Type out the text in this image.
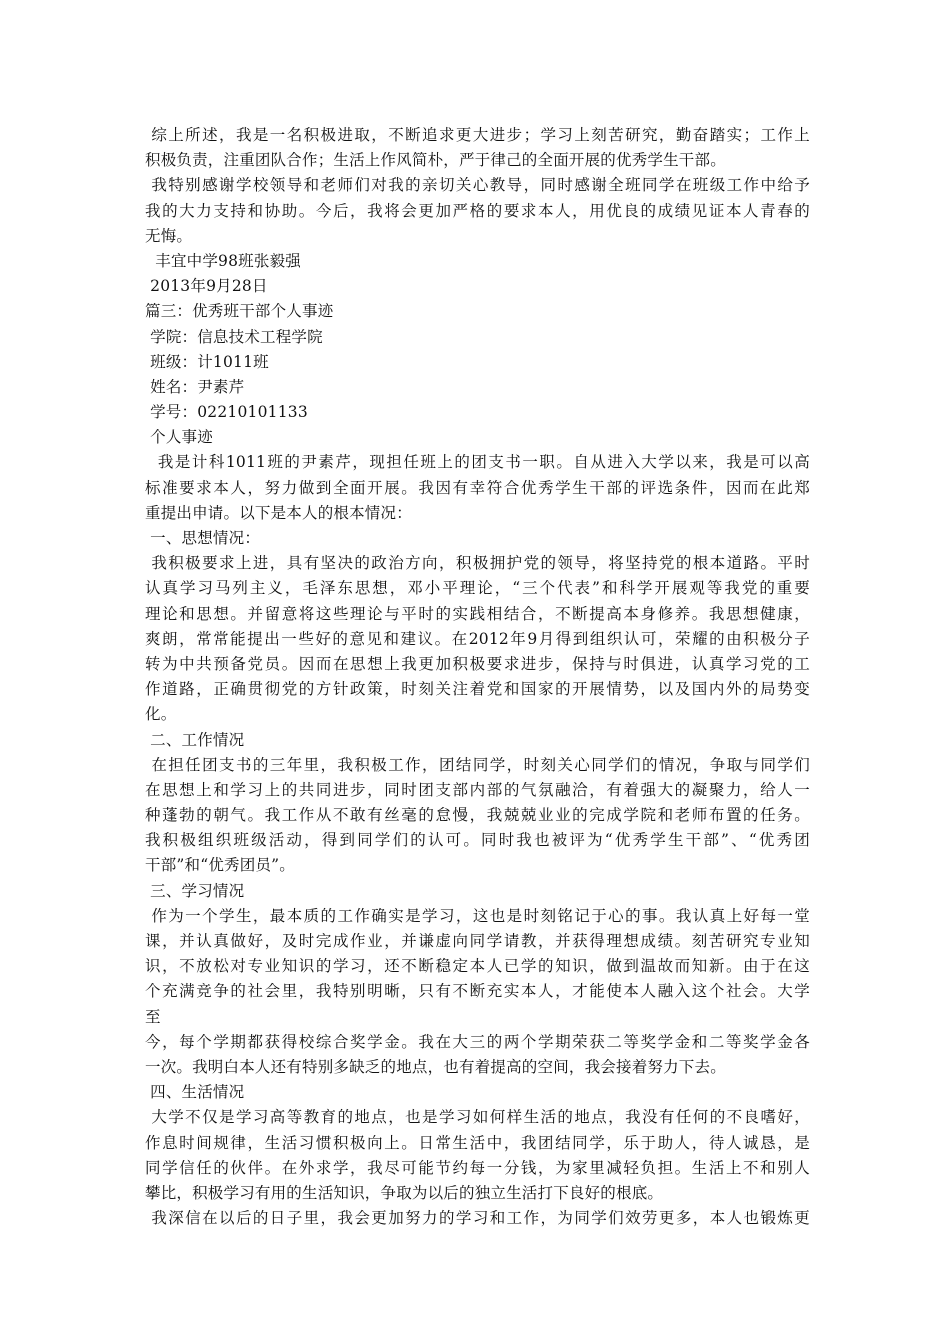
综上所述，我是一名积极进取，不断追求更大进步；学习上刻苦研究，勤奋踏实；工作上
积极负责，注重团队合作；生活上作风简朴，严于律己的全面开展的优秀学生干部。
我特别感谢学校领导和老师们对我的亲切关心教导，同时感谢全班同学在班级工作中给予
我的大力支持和协助。今后，我将会更加严格的要求本人，用优良的成绩见证本人青春的
无悔。
丰宜中学98班张毅强
2013年9月28日
篇三：优秀班干部个人事迹
学院：信息技术工程学院
班级：计1011班
姓名：尹素芹
学号：02210101133
个人事迹
我是计科1011班的尹素芹，现担任班上的团支书一职。自从进入大学以来，我是可以高
标准要求本人，努力做到全面开展。我因有幸符合优秀学生干部的评选条件，因而在此郑
重提出申请。以下是本人的根本情况：
一、思想情况：
我积极要求上进，具有坚决的政治方向，积极拥护党的领导，将坚持党的根本道路。平时
认真学习马列主义，毛泽东思想，邓小平理论，“三个代表”和科学开展观等我党的重要
理论和思想。并留意将这些理论与平时的实践相结合，不断提高本身修养。我思想健康，
爽朗，常常能提出一些好的意见和建议。在2012年9月得到组织认可，荣耀的由积极分子
转为中共预备党员。因而在思想上我更加积极要求进步，保持与时俱进，认真学习党的工
作道路，正确贯彻党的方针政策，时刻关注着党和国家的开展情势，以及国内外的局势变
化。
二、工作情况
在担任团支书的三年里，我积极工作，团结同学，时刻关心同学们的情况，争取与同学们
在思想上和学习上的共同进步，同时团支部内部的气氛融洽，有着强大的凝聚力，给人一
种蓬勃的朝气。我工作从不敢有丝毫的怠慢，我兢兢业业的完成学院和老师布置的任务。
我积极组织班级活动，得到同学们的认可。同时我也被评为“优秀学生干部”、“优秀团
干部”和“优秀团员”。
三、学习情况
作为一个学生，最本质的工作确实是学习，这也是时刻铭记于心的事。我认真上好每一堂
课，并认真做好，及时完成作业，并谦虚向同学请教，并获得理想成绩。刻苦研究专业知
识，不放松对专业知识的学习，还不断稳定本人已学的知识，做到温故而知新。由于在这
个充满竞争的社会里，我特别明晰，只有不断充实本人，才能使本人融入这个社会。大学
至
今，每个学期都获得校综合奖学金。我在大三的两个学期荣获二等奖学金和二等奖学金各
一次。我明白本人还有特别多缺乏的地点，也有着提高的空间，我会接着努力下去。
四、生活情况
大学不仅是学习高等教育的地点，也是学习如何样生活的地点，我没有任何的不良嗜好，
作息时间规律，生活习惯积极向上。日常生活中，我团结同学，乐于助人，待人诚恳，是
同学信任的伙伴。在外求学，我尽可能节约每一分钱，为家里减轻负担。生活上不和别人
攀比，积极学习有用的生活知识，争取为以后的独立生活打下良好的根底。
我深信在以后的日子里，我会更加努力的学习和工作，为同学们效劳更多，本人也锻炼更
